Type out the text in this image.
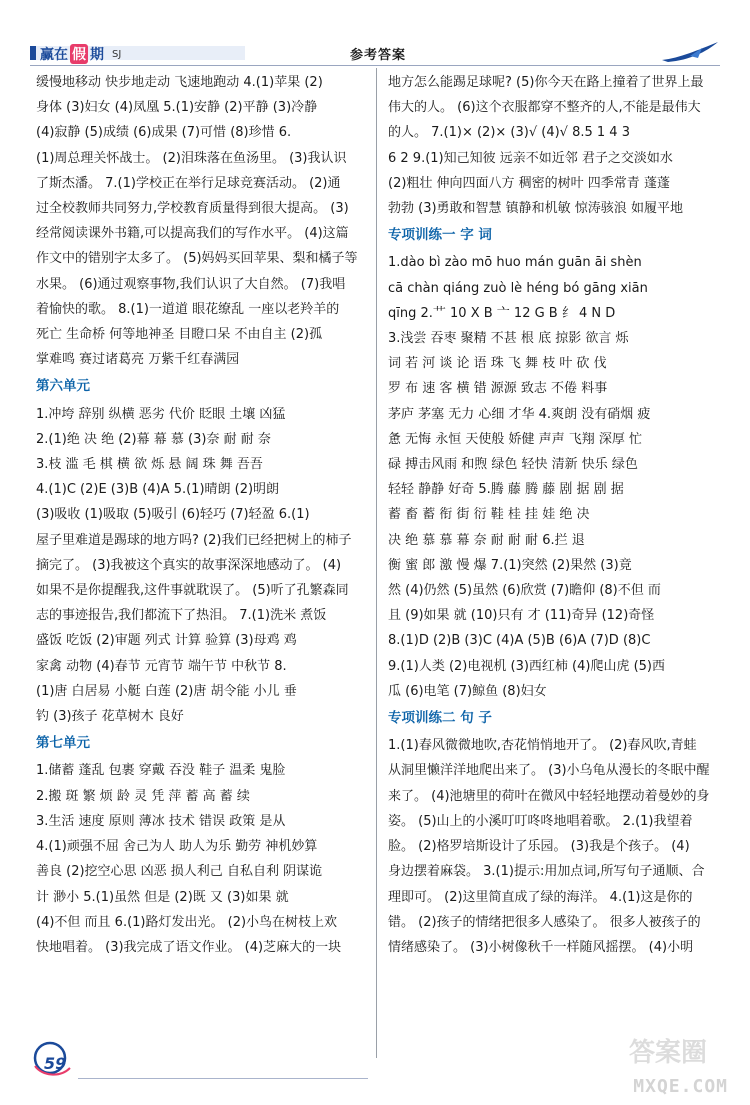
赢在 假 期 SJ	参考答案

缓慢地移动 快步地走动 飞速地跑动 4.(1)苹果 (2)

身体 (3)妇女 (4)凤凰 5.(1)安静 (2)平静 (3)冷静

(4)寂静 (5)成绩 (6)成果 (7)可惜 (8)珍惜 6.

(1)周总理关怀战士。 (2)泪珠落在鱼汤里。 (3)我认识

了斯杰潘。 7.(1)学校正在举行足球竞赛活动。 (2)通

过全校教师共同努力,学校教育质量得到很大提高。 (3)

经常阅读课外书籍,可以提高我们的写作水平。 (4)这篇

作文中的错别字太多了。 (5)妈妈买回苹果、梨和橘子等

水果。 (6)通过观察事物,我们认识了大自然。 (7)我唱

着愉快的歌。 8.(1)一道道 眼花缭乱 一座以老羚羊的

死亡 生命桥 何等地神圣 目瞪口呆 不由自主 (2)孤

掌难鸣 赛过诸葛亮 万紫千红春满园

第六单元

1.冲垮 辞别 纵横 恶劣 代价 眨眼 土壤 凶猛

2.(1)绝 决 绝 (2)幕 幕 慕 (3)奈 耐 耐 奈

3.枝 滥 毛 棋 横 欲 烁 悬 阔 珠 舞 吾吾

4.(1)C (2)E (3)B (4)A 5.(1)晴朗 (2)明朗

(3)吸收 (1)吸取 (5)吸引 (6)轻巧 (7)轻盈 6.(1)

屋子里难道是踢球的地方吗? (2)我们已经把树上的柿子

摘完了。 (3)我被这个真实的故事深深地感动了。 (4)

如果不是你提醒我,这件事就耽误了。 (5)听了孔繁森同

志的事迹报告,我们都流下了热泪。 7.(1)洗米 煮饭

盛饭 吃饭 (2)审题 列式 计算 验算 (3)母鸡 鸡

家禽 动物 (4)春节 元宵节 端午节 中秋节 8.

(1)唐 白居易 小艇 白莲 (2)唐 胡令能 小儿 垂

钓 (3)孩子 花草树木 良好

第七单元

1.储蓄 蓬乱 包裹 穿戴 吞没 鞋子 温柔 鬼脸

2.搬 斑 繁 烦 龄 灵 凭 萍 蓄 高 蓄 续

3.生活 速度 原则 薄冰 技术 错误 政策 是从

4.(1)顽强不屈 舍己为人 助人为乐 勤劳 神机妙算

善良 (2)挖空心思 凶恶 损人利己 自私自利 阴谋诡

计 渺小 5.(1)虽然 但是 (2)既 又 (3)如果 就

(4)不但 而且 6.(1)路灯发出光。 (2)小鸟在树枝上欢

快地唱着。 (3)我完成了语文作业。 (4)芝麻大的一块

地方怎么能踢足球呢? (5)你今天在路上撞着了世界上最

伟大的人。 (6)这个衣服都穿不整齐的人,不能是最伟大

的人。 7.(1)× (2)× (3)√ (4)√ 8.5 1 4 3

6 2 9.(1)知己知彼 远亲不如近邻 君子之交淡如水

(2)粗壮 伸向四面八方 稠密的树叶 四季常青 蓬蓬

勃勃 (3)勇敢和智慧 镇静和机敏 惊涛骇浪 如履平地

专项训练一 字 词

1.dào bì zào mō huo mán guān āi shèn

cā chàn qiáng zuò lè héng bó gāng xiān

qīng 2.艹 10 X B 亠 12 G B 纟 4 N D

3.浅尝 吞枣 聚精 不甚 根 底 掠影 欲言 烁

词 若 河 谈 论 语 珠 飞 舞 枝 叶 砍 伐

罗 布 速 客 横 错 源源 致志 不倦 料事

茅庐 茅塞 无力 心细 才华 4.爽朗 没有硝烟 疲

惫 无悔 永恒 天使般 娇健 声声 飞翔 深厚 忙

碌 搏击风雨 和煦 绿色 轻快 清新 快乐 绿色

轻轻 静静 好奇 5.腾 藤 腾 藤 剧 据 剧 据

蓄 畜 蓄 衔 街 衍 鞋 桂 挂 娃 绝 决

决 绝 慕 慕 幕 奈 耐 耐 耐 6.拦 退

衡 蜜 郎 激 慢 爆 7.(1)突然 (2)果然 (3)竟

然 (4)仍然 (5)虽然 (6)欣赏 (7)瞻仰 (8)不但 而

且 (9)如果 就 (10)只有 才 (11)奇异 (12)奇怪

8.(1)D (2)B (3)C (4)A (5)B (6)A (7)D (8)C

9.(1)人类 (2)电视机 (3)西红柿 (4)爬山虎 (5)西

瓜 (6)电笔 (7)鲸鱼 (8)妇女

专项训练二 句 子

1.(1)春风微微地吹,杏花悄悄地开了。 (2)春风吹,青蛙

从洞里懒洋洋地爬出来了。 (3)小乌龟从漫长的冬眠中醒

来了。 (4)池塘里的荷叶在微风中轻轻地摆动着曼妙的身

姿。 (5)山上的小溪叮叮咚咚地唱着歌。 2.(1)我望着

脸。 (2)格罗培斯设计了乐园。 (3)我是个孩子。 (4)

身边摆着麻袋。 3.(1)提示:用加点词,所写句子通顺、合

理即可。 (2)这里简直成了绿的海洋。 4.(1)这是你的

错。 (2)孩子的情绪把很多人感染了。 很多人被孩子的

情绪感染了。 (3)小树像秋千一样随风摇摆。 (4)小明

59	答案圈
MXQE.COM
